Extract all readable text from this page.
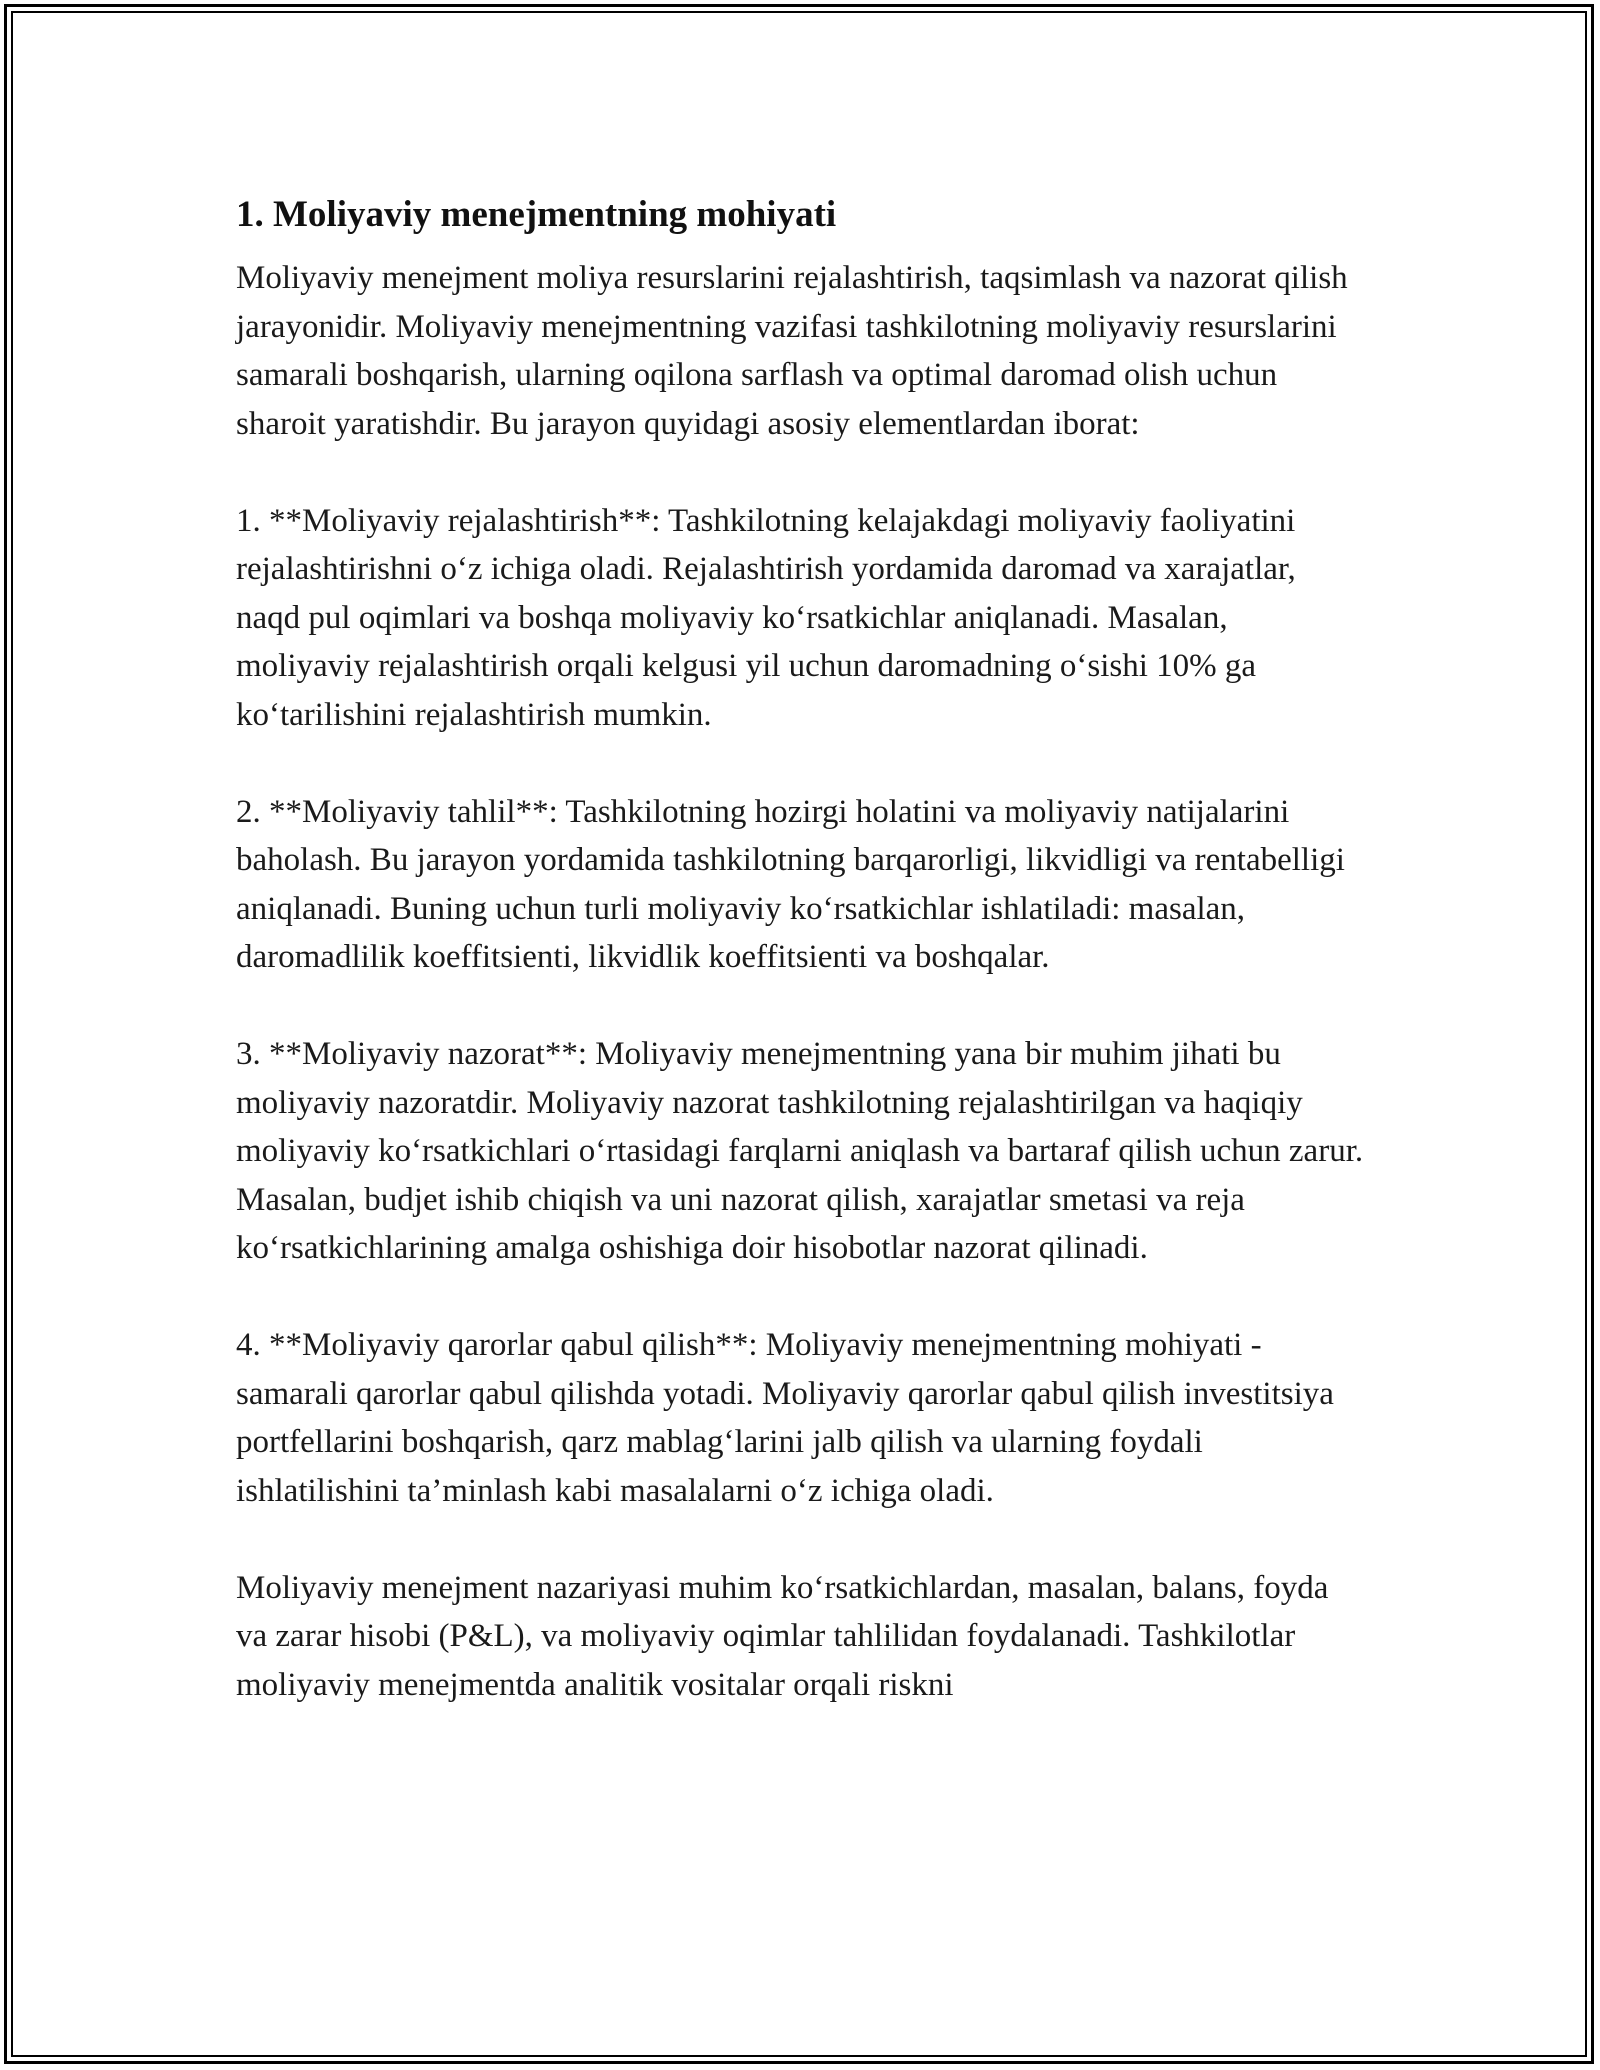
1. Moliyaviy menejmentning mohiyati

Moliyaviy menejment moliya resurslarini rejalashtirish, taqsimlash va nazorat qilish jarayonidir. Moliyaviy menejmentning vazifasi tashkilotning moliyaviy resurslarini samarali boshqarish, ularning oqilona sarflash va optimal daromad olish uchun sharoit yaratishdir. Bu jarayon quyidagi asosiy elementlardan iborat:

1. **Moliyaviy rejalashtirish**: Tashkilotning kelajakdagi moliyaviy faoliyatini rejalashtirishni o‘z ichiga oladi. Rejalashtirish yordamida daromad va xarajatlar, naqd pul oqimlari va boshqa moliyaviy ko‘rsatkichlar aniqlanadi. Masalan, moliyaviy rejalashtirish orqali kelgusi yil uchun daromadning o‘sishi 10% ga ko‘tarilishini rejalashtirish mumkin.

2. **Moliyaviy tahlil**: Tashkilotning hozirgi holatini va moliyaviy natijalarini baholash. Bu jarayon yordamida tashkilotning barqarorligi, likvidligi va rentabelligi aniqlanadi. Buning uchun turli moliyaviy ko‘rsatkichlar ishlatiladi: masalan, daromadlilik koeffitsienti, likvidlik koeffitsienti va boshqalar.

3. **Moliyaviy nazorat**: Moliyaviy menejmentning yana bir muhim jihati bu moliyaviy nazoratdir. Moliyaviy nazorat tashkilotning rejalashtirilgan va haqiqiy moliyaviy ko‘rsatkichlari o‘rtasidagi farqlarni aniqlash va bartaraf qilish uchun zarur. Masalan, budjet ishib chiqish va uni nazorat qilish, xarajatlar smetasi va reja ko‘rsatkichlarining amalga oshishiga doir hisobotlar nazorat qilinadi.

4. **Moliyaviy qarorlar qabul qilish**: Moliyaviy menejmentning mohiyati - samarali qarorlar qabul qilishda yotadi. Moliyaviy qarorlar qabul qilish investitsiya portfellarini boshqarish, qarz mablag‘larini jalb qilish va ularning foydali ishlatilishini ta’minlash kabi masalalarni o‘z ichiga oladi.

Moliyaviy menejment nazariyasi muhim ko‘rsatkichlardan, masalan, balans, foyda va zarar hisobi (P&L), va moliyaviy oqimlar tahlilidan foydalanadi. Tashkilotlar moliyaviy menejmentda analitik vositalar orqali riskni
